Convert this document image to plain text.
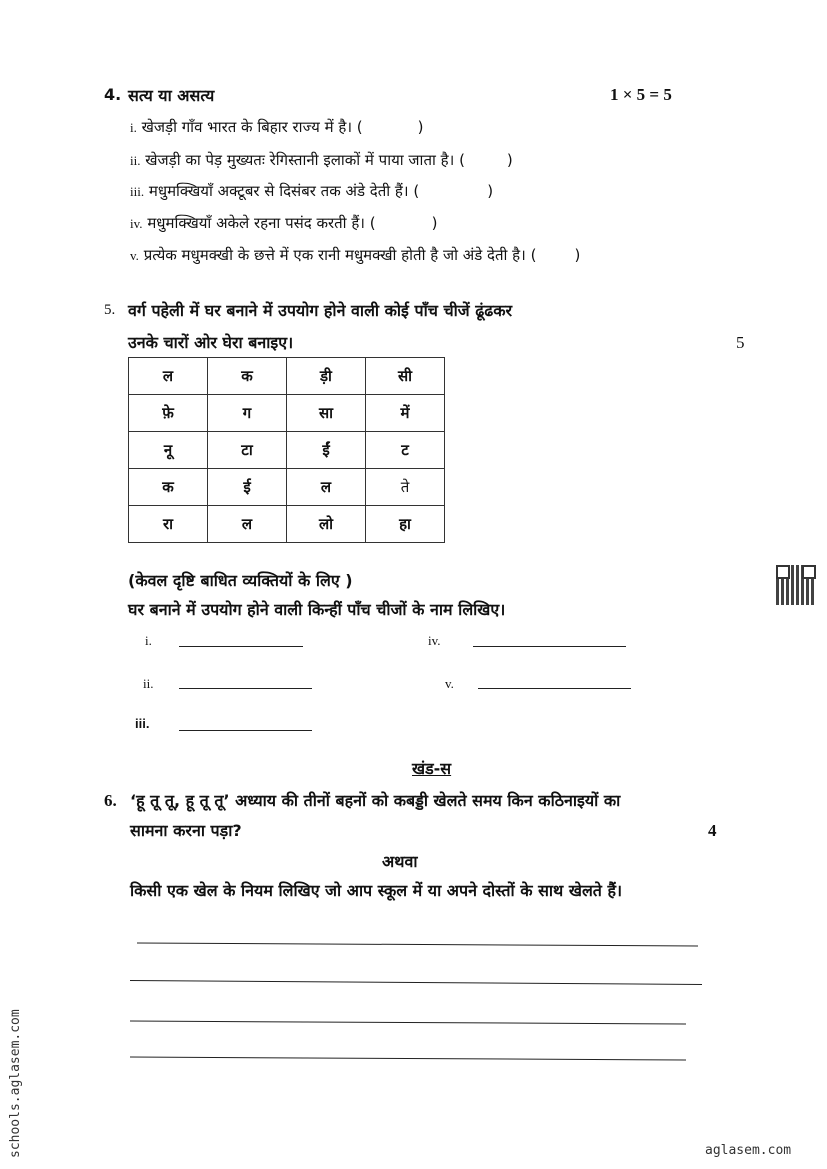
4. सत्य या असत्य	1 × 5 = 5
i. खेजड़ी गाँव भारत के बिहार राज्य में है। (	)
ii. खेजड़ी का पेड़ मुख्यतः रेगिस्तानी इलाकों में पाया जाता है। (	)
iii. मधुमक्खियाँ अक्टूबर से दिसंबर तक अंडे देती हैं। (	)
iv. मधुमक्खियाँ अकेले रहना पसंद करती हैं। (	)
v. प्रत्येक मधुमक्खी के छत्ते में एक रानी मधुमक्खी होती है जो अंडे देती है। (	)
5. वर्ग पहेली में घर बनाने में उपयोग होने वाली कोई पाँच चीजें ढूंढकर
उनके चारों ओर घेरा बनाइए।	5
ल	क	ड़ी	सी
फ़े	ग	सा	में
नू	टा	ईं	ट
क	ई	ल	ते
रा	ल	लो	हा
(केवल दृष्टि बाधित व्यक्तियों के लिए )
घर बनाने में उपयोग होने वाली किन्हीं पाँच चीजों के नाम लिखिए।
i.
ii.
iii.
iv.
v.
खंड-स
6. ‘हू तू तू, हू तू तू’ अध्याय की तीनों बहनों को कबड्डी खेलते समय किन कठिनाइयों का
सामना करना पड़ा?	4
अथवा
किसी एक खेल के नियम लिखिए जो आप स्कूल में या अपने दोस्तों के साथ खेलते हैं।
schools.aglasem.com	aglasem.com
